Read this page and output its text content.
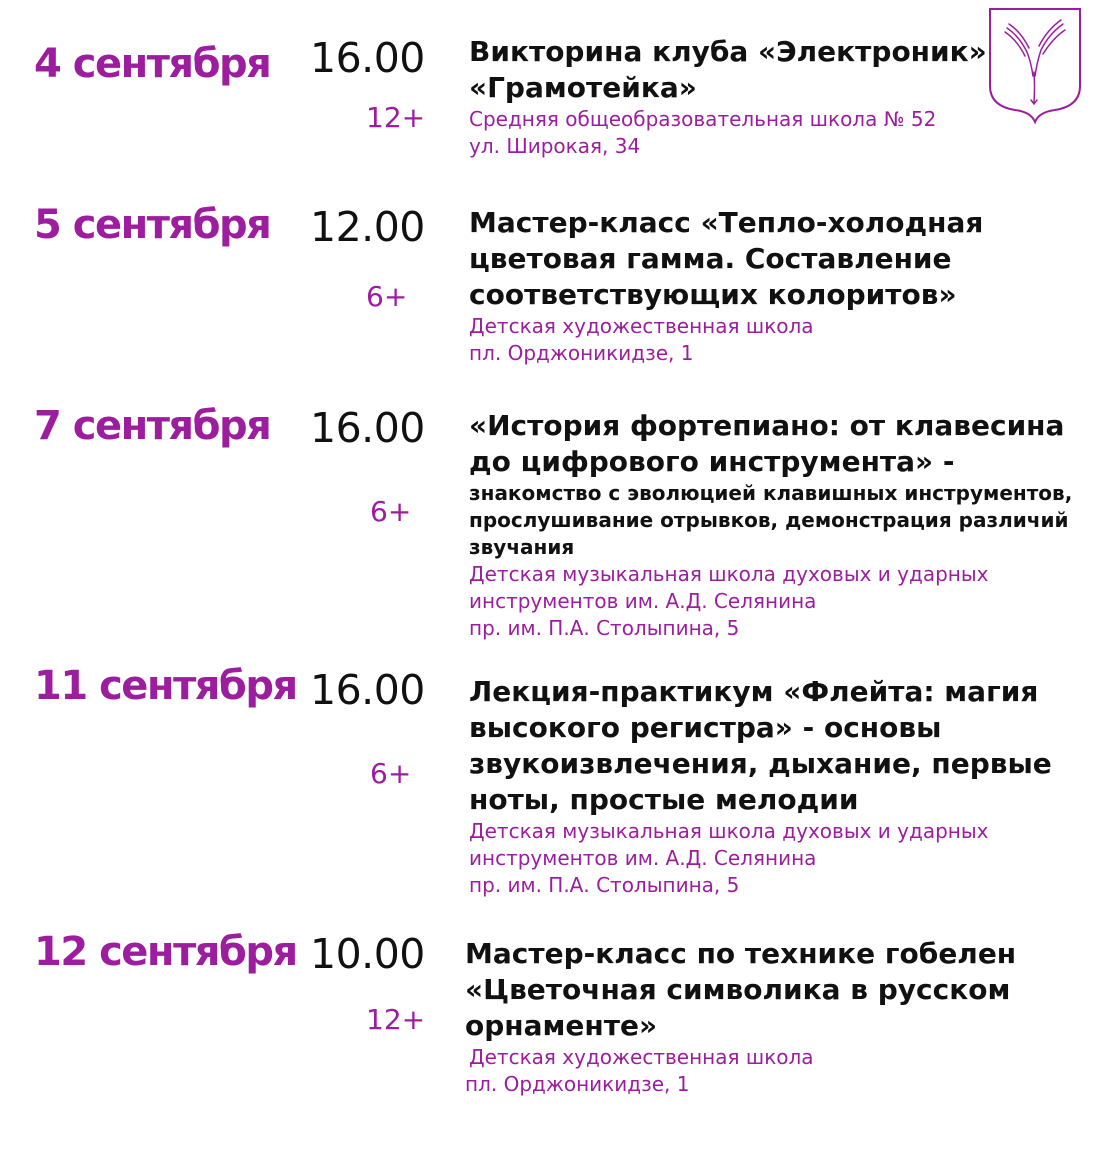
4 сентября 16.00
12+
Викторина клуба «Электроник» «Грамотейка»
Средняя общеобразовательная школа № 52
ул. Широкая, 34
5 сентября 12.00
6+
Мастер-класс «Тепло-холодная цветовая гамма. Составление соответствующих колоритов»
Детская художественная школа
пл. Орджоникидзе, 1
7 сентября 16.00
6+
«История фортепиано: от клавесина до цифрового инструмента» -
знакомство с эволюцией клавишных инструментов, прослушивание отрывков, демонстрация различий звучания
Детская музыкальная школа духовых и ударных инструментов им. А.Д. Селянина
пр. им. П.А. Столыпина, 5
11 сентября 16.00
6+
Лекция-практикум «Флейта: магия высокого регистра» - основы звукоизвлечения, дыхание, первые ноты, простые мелодии
Детская музыкальная школа духовых и ударных инструментов им. А.Д. Селянина
пр. им. П.А. Столыпина, 5
12 сентября 10.00
12+
Мастер-класс по технике гобелен «Цветочная символика в русском орнаменте»
Детская художественная школа
пл. Орджоникидзе, 1
